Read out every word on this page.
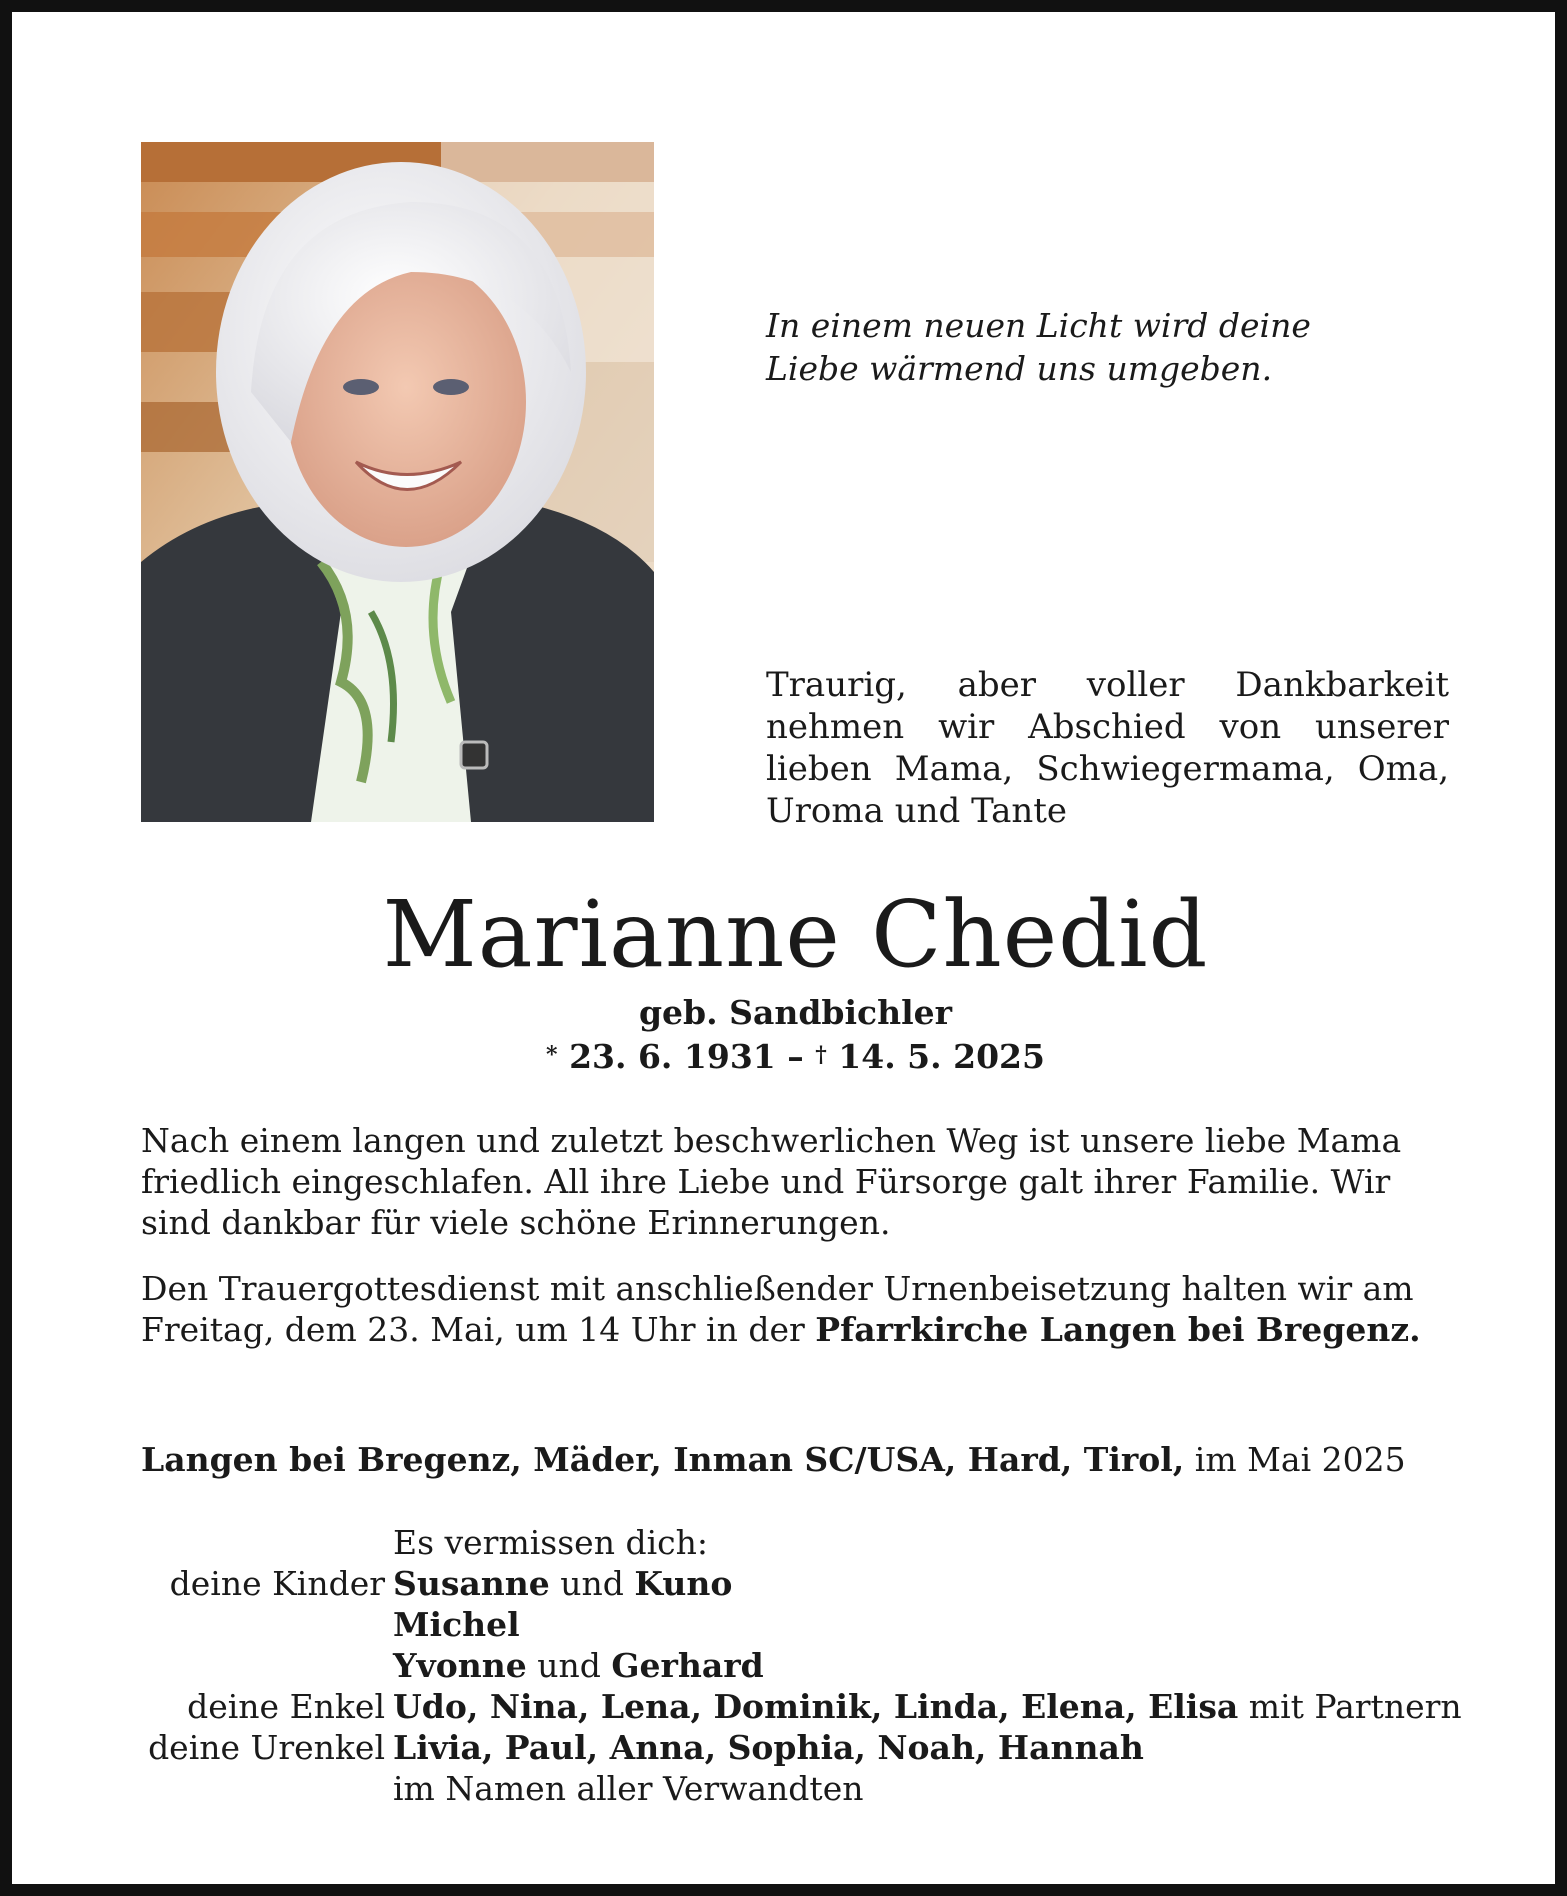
In einem neuen Licht wird deine
Liebe wärmend uns umgeben.
Traurig, aber voller Dankbarkeit nehmen wir Abschied von unserer lieben Mama, Schwiegermama, Oma, Uroma und Tante
Marianne Chedid
geb. Sandbichler
* 23. 6. 1931 – † 14. 5. 2025
Nach einem langen und zuletzt beschwerlichen Weg ist unsere liebe Mama
friedlich eingeschlafen. All ihre Liebe und Fürsorge galt ihrer Familie. Wir
sind dankbar für viele schöne Erinnerungen.
Den Trauergottesdienst mit anschließender Urnenbeisetzung halten wir am
Freitag, dem 23. Mai, um 14 Uhr in der Pfarrkirche Langen bei Bregenz.
Langen bei Bregenz, Mäder, Inman SC/USA, Hard, Tirol, im Mai 2025
Es vermissen dich:
deine Kinder Susanne und Kuno
Michel
Yvonne und Gerhard
deine Enkel Udo, Nina, Lena, Dominik, Linda, Elena, Elisa mit Partnern
deine Urenkel Livia, Paul, Anna, Sophia, Noah, Hannah
im Namen aller Verwandten
